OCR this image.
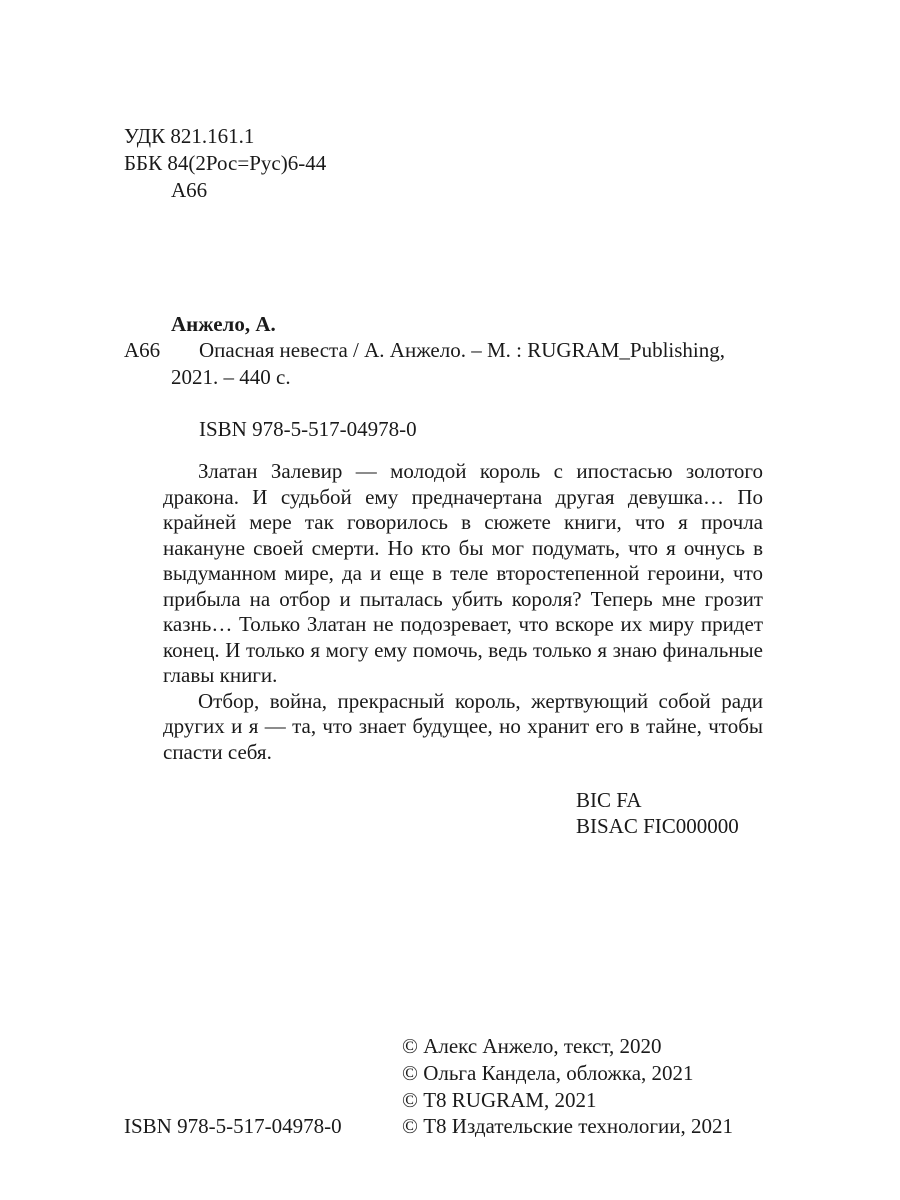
УДК 821.161.1
ББК 84(2Рос=Рус)6-44
А66
Анжело, А.
А66 Опасная невеста / А. Анжело. – М. : RUGRAM_Publishing,
2021. – 440 с.
ISBN 978-5-517-04978-0

Златан Залевир — молодой король с ипостасью золотого дракона. И судьбой ему предначертана другая девушка… По крайней мере так говорилось в сюжете книги, что я прочла накануне своей смерти. Но кто бы мог подумать, что я очнусь в выдуманном мире, да и еще в теле второстепенной героини, что прибыла на отбор и пыталась убить короля? Теперь мне грозит казнь… Только Златан не подозревает, что вскоре их миру придет конец. И только я могу ему помочь, ведь только я знаю финальные главы книги.

Отбор, война, прекрасный король, жертвующий собой ради других и я — та, что знает будущее, но хранит его в тайне, чтобы спасти себя.

BIC FA
BISAC FIC000000
ISBN 978-5-517-04978-0
© Алекс Анжело, текст, 2020
© Ольга Кандела, обложка, 2021
© Т8 RUGRAM, 2021
© Т8 Издательские технологии, 2021
